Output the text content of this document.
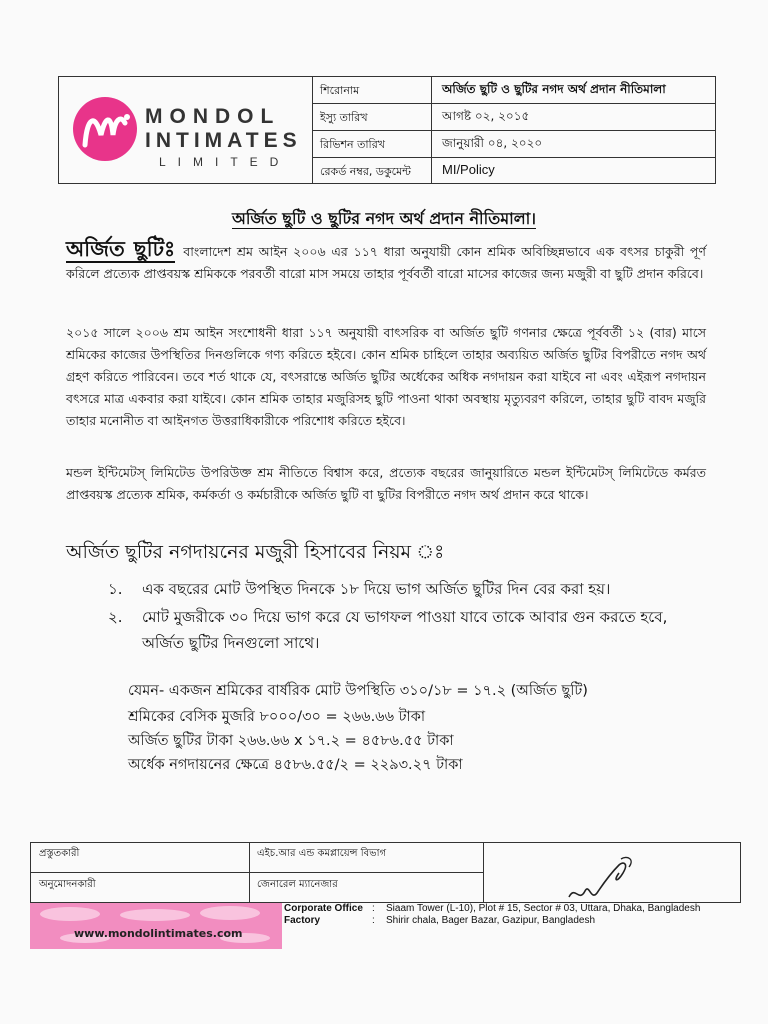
MONDOL
INTIMATES
LIMITED
শিরোনাম	অর্জিত ছুটি ও ছুটির নগদ অর্থ প্রদান নীতিমালা
ইস্যু তারিখ	আগষ্ট ০২, ২০১৫
রিভিশন তারিখ	জানুয়ারী ০৪, ২০২০
রেকর্ড নম্বর, ডকুমেন্ট MI/Policy
অর্জিত ছুটি ও ছুটির নগদ অর্থ প্রদান নীতিমালা।
অর্জিত ছুটিঃ বাংলাদেশ শ্রম আইন ২০০৬ এর ১১৭ ধারা অনুযায়ী কোন শ্রমিক অবিচ্ছিন্নভাবে এক বৎসর চাকুরী পূর্ণ করিলে প্রত্যেক প্রাপ্তবয়স্ক শ্রমিককে পরবর্তী বারো মাস সময়ে তাহার পূর্ববর্তী বারো মাসের কাজের জন্য মজুরী বা ছুটি প্রদান করিবে।
২০১৫ সালে ২০০৬ শ্রম আইন সংশোধনী ধারা ১১৭ অনুযায়ী বাৎসরিক বা অর্জিত ছুটি গণনার ক্ষেত্রে পূর্ববর্তী ১২ (বার) মাসে শ্রমিকের কাজের উপস্থিতির দিনগুলিকে গণ্য করিতে হইবে। কোন শ্রমিক চাহিলে তাহার অব্যয়িত অর্জিত ছুটির বিপরীতে নগদ অর্থ গ্রহণ করিতে পারিবেন। তবে শর্ত থাকে যে, বৎসরান্তে অর্জিত ছুটির অর্ধেকের অধিক নগদায়ন করা যাইবে না এবং এইরূপ নগদায়ন বৎসরে মাত্র একবার করা যাইবে। কোন শ্রমিক তাহার মজুরিসহ ছুটি পাওনা থাকা অবস্থায় মৃত্যুবরণ করিলে, তাহার ছুটি বাবদ মজুরি তাহার মনোনীত বা আইনগত উত্তরাধিকারীকে পরিশোধ করিতে হইবে।
মন্ডল ইন্টিমেটস্ লিমিটেড উপরিউক্ত শ্রম নীতিতে বিশ্বাস করে, প্রত্যেক বছরের জানুয়ারিতে মন্ডল ইন্টিমেটস্ লিমিটেডে কর্মরত প্রাপ্তবয়স্ক প্রত্যেক শ্রমিক, কর্মকর্তা ও কর্মচারীকে অর্জিত ছুটি বা ছুটির বিপরীতে নগদ অর্থ প্রদান করে থাকে।
অর্জিত ছুটির নগদায়নের মজুরী হিসাবের নিয়ম ঃ
১. এক বছরের মোট উপস্থিত দিনকে ১৮ দিয়ে ভাগ অর্জিত ছুটির দিন বের করা হয়।
২. মোট মুজরীকে ৩০ দিয়ে ভাগ করে যে ভাগফল পাওয়া যাবে তাকে আবার গুন করতে হবে, অর্জিত ছুটির দিনগুলো সাথে।
যেমন- একজন শ্রমিকের বার্ষরিক মোট উপস্থিতি ৩১০/১৮ = ১৭.২ (অর্জিত ছুটি)
শ্রমিকের বেসিক মুজরি ৮০০০/৩০ = ২৬৬.৬৬ টাকা
অর্জিত ছুটির টাকা ২৬৬.৬৬ x ১৭.২ = ৪৫৮৬.৫৫ টাকা
অর্ধেক নগদায়নের ক্ষেত্রে ৪৫৮৬.৫৫/২ = ২২৯৩.২৭ টাকা
প্রস্তুতকারী	এইচ.আর এন্ড কমপ্লায়েন্স বিভাগ
অনুমোদনকারী	জেনারেল ম্যানেজার
www.mondolintimates.com
Corporate Office : Siaam Tower (L-10), Plot # 15, Sector # 03, Uttara, Dhaka, Bangladesh
Factory	: Shirir chala, Bager Bazar, Gazipur, Bangladesh
